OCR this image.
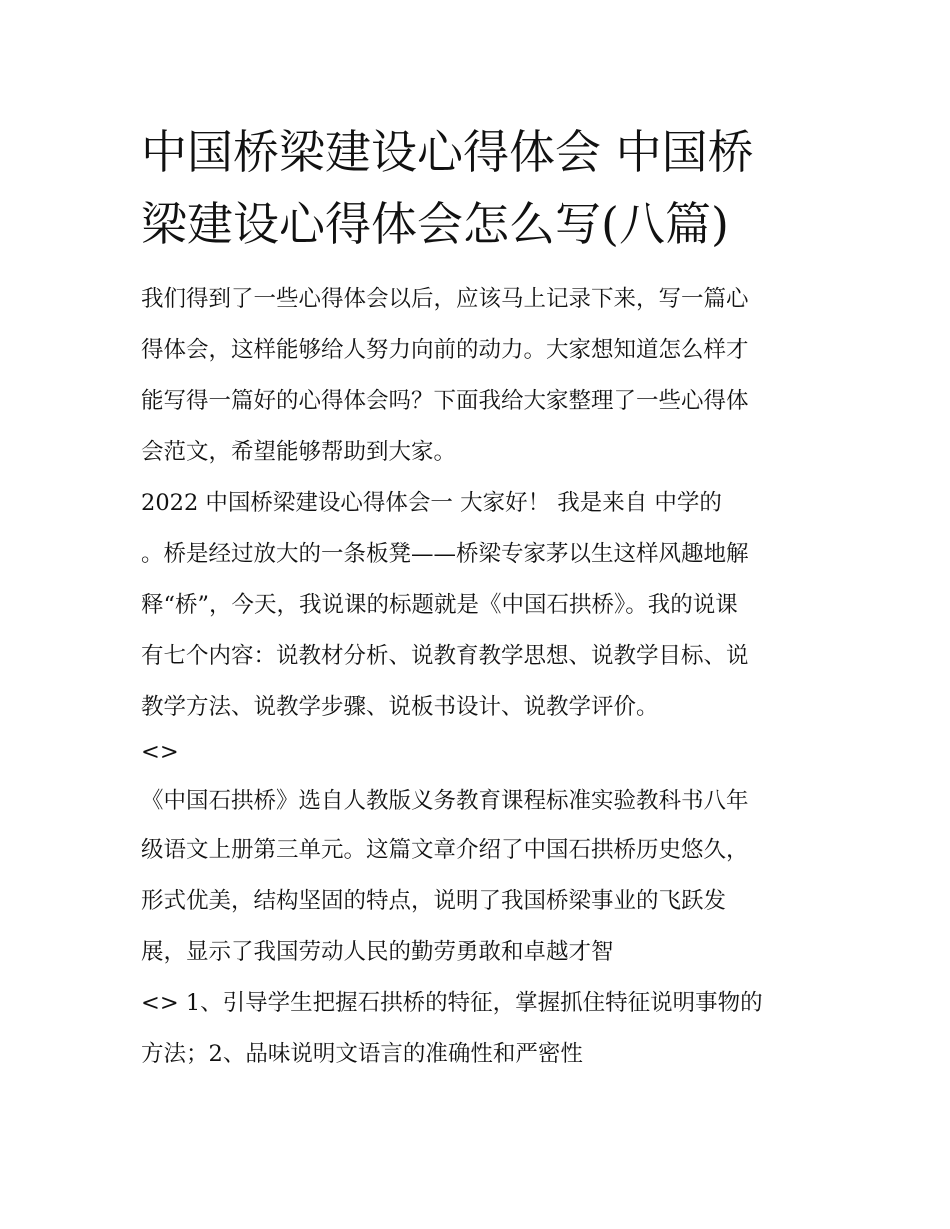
中国桥梁建设心得体会 中国桥
梁建设心得体会怎么写(八篇)
我们得到了一些心得体会以后，应该马上记录下来，写一篇心
得体会，这样能够给人努力向前的动力。大家想知道怎么样才
能写得一篇好的心得体会吗？下面我给大家整理了一些心得体
会范文，希望能够帮助到大家。
2022 中国桥梁建设心得体会一 大家好！ 我是来自 中学的
。桥是经过放大的一条板凳——桥梁专家茅以生这样风趣地解
释“桥”，今天，我说课的标题就是《中国石拱桥》。我的说课
有七个内容：说教材分析、说教育教学思想、说教学目标、说
教学方法、说教学步骤、说板书设计、说教学评价。
<>
《中国石拱桥》选自人教版义务教育课程标准实验教科书八年
级语文上册第三单元。这篇文章介绍了中国石拱桥历史悠久，
形式优美，结构坚固的特点，说明了我国桥梁事业的飞跃发
展，显示了我国劳动人民的勤劳勇敢和卓越才智
<> 1、引导学生把握石拱桥的特征，掌握抓住特征说明事物的
方法；2、品味说明文语言的准确性和严密性
